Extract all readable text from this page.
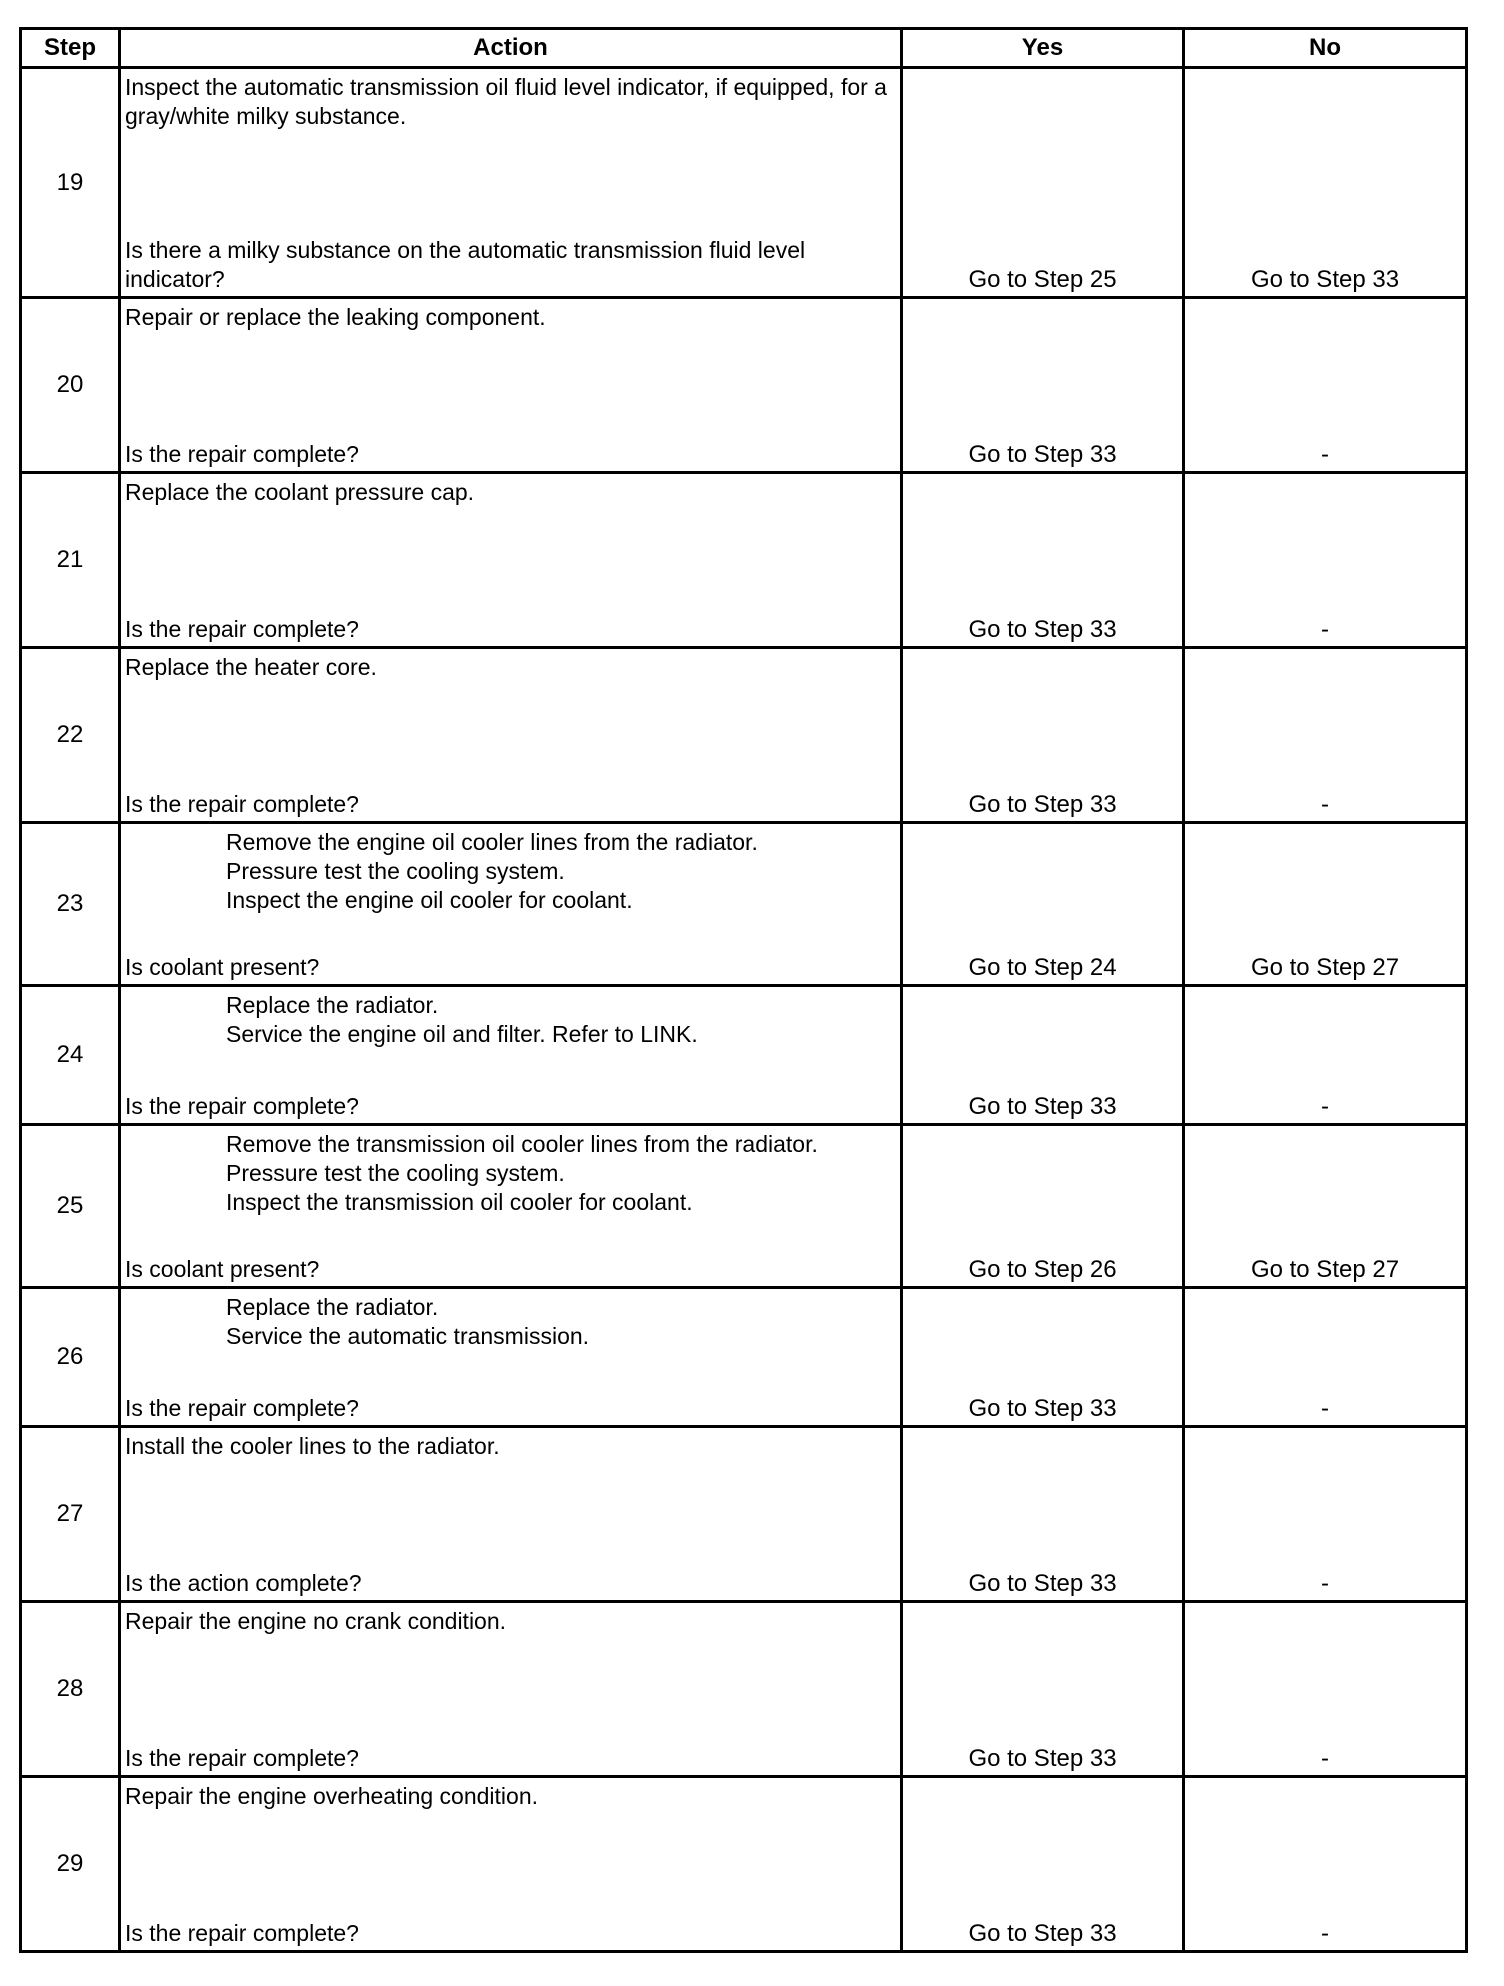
Step	Action	Yes	No
19	Inspect the automatic transmission oil fluid level indicator, if equipped, for a gray/white milky substance.
Is there a milky substance on the automatic transmission fluid level indicator?	Go to Step 25	Go to Step 33

20	Repair or replace the leaking component.
Is the repair complete?	Go to Step 33	-

21	Replace the coolant pressure cap.
Is the repair complete?	Go to Step 33	-

22	Replace the heater core.
Is the repair complete?	Go to Step 33	-

23	Remove the engine oil cooler lines from the radiator.
Pressure test the cooling system.
Inspect the engine oil cooler for coolant.
Is coolant present?	Go to Step 24	Go to Step 27

24	Replace the radiator.
Service the engine oil and filter. Refer to LINK.
Is the repair complete?	Go to Step 33	-

25	Remove the transmission oil cooler lines from the radiator.
Pressure test the cooling system.
Inspect the transmission oil cooler for coolant.
Is coolant present?	Go to Step 26	Go to Step 27

26	Replace the radiator.
Service the automatic transmission.
Is the repair complete?	Go to Step 33	-

27	Install the cooler lines to the radiator.
Is the action complete?	Go to Step 33	-

28	Repair the engine no crank condition.
Is the repair complete?	Go to Step 33	-

29	Repair the engine overheating condition.
Is the repair complete?	Go to Step 33	-
